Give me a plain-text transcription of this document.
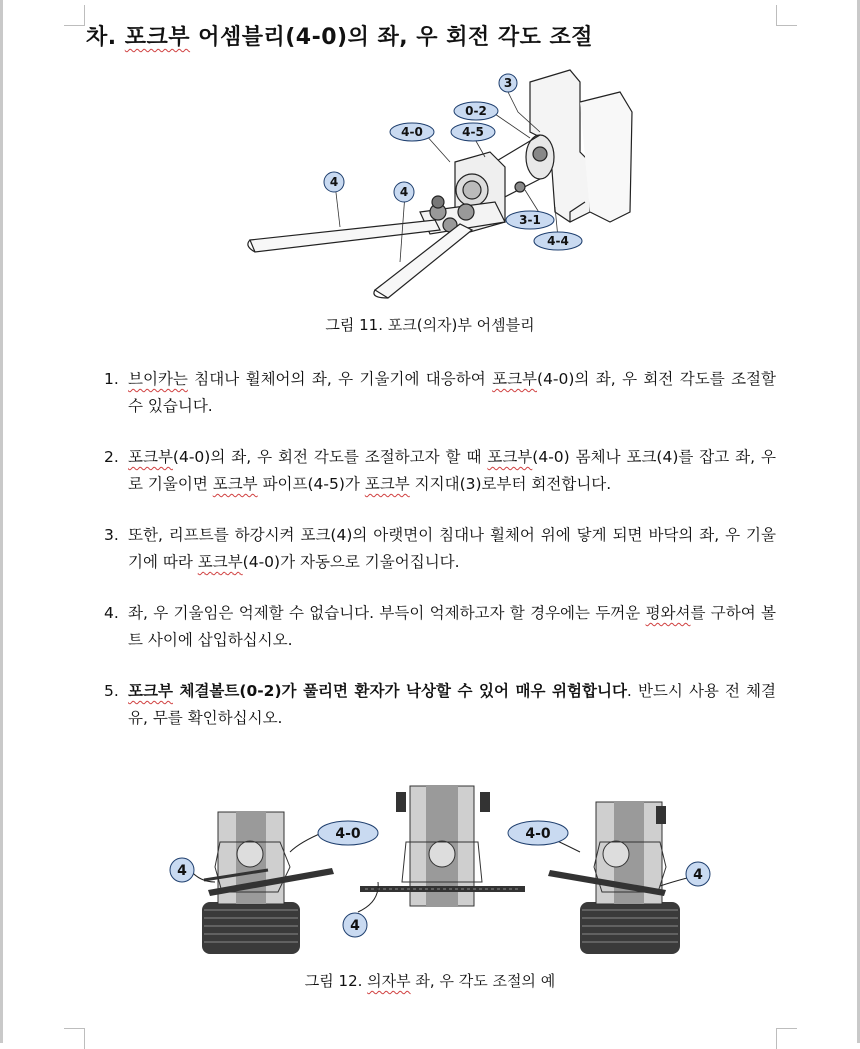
차. 포크부 어셈블리(4-0)의 좌, 우 회전 각도 조절
3
0-2
4-0	4-5
4
4
3-1
4-4
그림 11. 포크(의자)부 어셈블리
1. 브이카는 침대나 휠체어의 좌, 우 기울기에 대응하여 포크부(4-0)의 좌, 우 회전 각도를 조절할 수 있습니다.
2. 포크부(4-0)의 좌, 우 회전 각도를 조절하고자 할 때 포크부(4-0) 몸체나 포크(4)를 잡고 좌, 우로 기울이면 포크부 파이프(4-5)가 포크부 지지대(3)로부터 회전합니다.
3. 또한, 리프트를 하강시켜 포크(4)의 아랫면이 침대나 휠체어 위에 닿게 되면 바닥의 좌, 우 기울기에 따라 포크부(4-0)가 자동으로 기울어집니다.
4. 좌, 우 기울임은 억제할 수 없습니다. 부득이 억제하고자 할 경우에는 두꺼운 평와셔를 구하여 볼트 사이에 삽입하십시오.
5. 포크부 체결볼트(0-2)가 풀리면 환자가 낙상할 수 있어 매우 위험합니다. 반드시 사용 전 체결 유, 무를 확인하십시오.
4-0
4
4
4-0
4
그림 12. 의자부 좌, 우 각도 조절의 예
